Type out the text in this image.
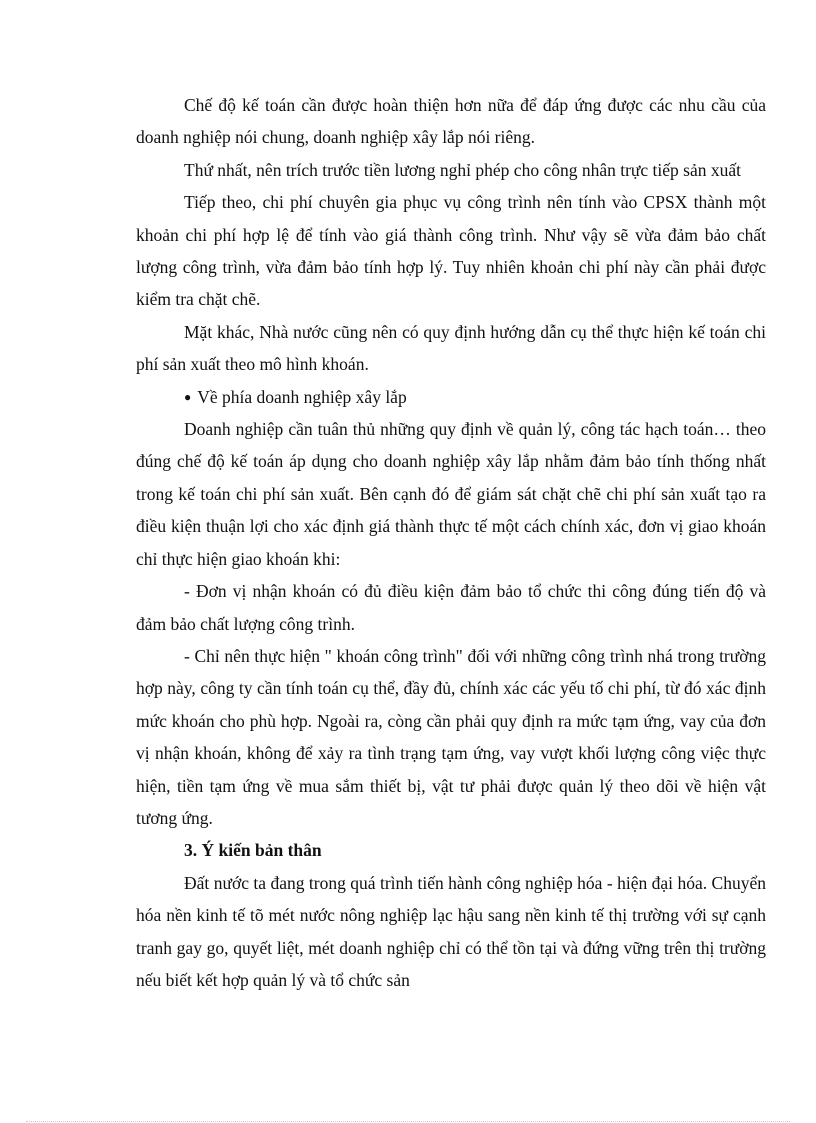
Chế độ kế toán cần được hoàn thiện hơn nữa để đáp ứng được các nhu cầu của doanh nghiệp nói chung, doanh nghiệp xây lắp nói riêng.

Thứ nhất, nên trích trước tiền lương nghỉ phép cho công nhân trực tiếp sản xuất

Tiếp theo, chi phí chuyên gia phục vụ công trình nên tính vào CPSX thành một khoản chi phí hợp lệ để tính vào giá thành công trình. Như vậy sẽ vừa đảm bảo chất lượng công trình, vừa đảm bảo tính hợp lý. Tuy nhiên khoản chi phí này cần phải được kiểm tra chặt chẽ.

Mặt khác, Nhà nước cũng nên có quy định hướng dẫn cụ thể thực hiện kế toán chi phí sản xuất theo mô hình khoán.

● Về phía doanh nghiệp xây lắp

Doanh nghiệp cần tuân thủ những quy định về quản lý, công tác hạch toán… theo đúng chế độ kế toán áp dụng cho doanh nghiệp xây lắp nhằm đảm bảo tính thống nhất trong kế toán chi phí sản xuất. Bên cạnh đó để giám sát chặt chẽ chi phí sản xuất tạo ra điều kiện thuận lợi cho xác định giá thành thực tế một cách chính xác, đơn vị giao khoán chỉ thực hiện giao khoán khi:

- Đơn vị nhận khoán có đủ điều kiện đảm bảo tổ chức thi công đúng tiến độ và đảm bảo chất lượng công trình.

- Chỉ nên thực hiện " khoán công trình" đối với những công trình nhá trong trường hợp này, công ty cần tính toán cụ thể, đầy đủ, chính xác các yếu tố chi phí, từ đó xác định mức khoán cho phù hợp. Ngoài ra, còng cần phải quy định ra mức tạm ứng, vay của đơn vị nhận khoán, không để xảy ra tình trạng tạm ứng, vay vượt khối lượng công việc thực hiện, tiền tạm ứng về mua sắm thiết bị, vật tư phải được quản lý theo dõi về hiện vật tương ứng.

3. Ý kiến bản thân

Đất nước ta đang trong quá trình tiến hành công nghiệp hóa - hiện đại hóa. Chuyển hóa nền kinh tế tõ mét nước nông nghiệp lạc hậu sang nền kinh tế thị trường với sự cạnh tranh gay go, quyết liệt, mét doanh nghiệp chỉ có thể tồn tại và đứng vững trên thị trường nếu biết kết hợp quản lý và tổ chức sản
